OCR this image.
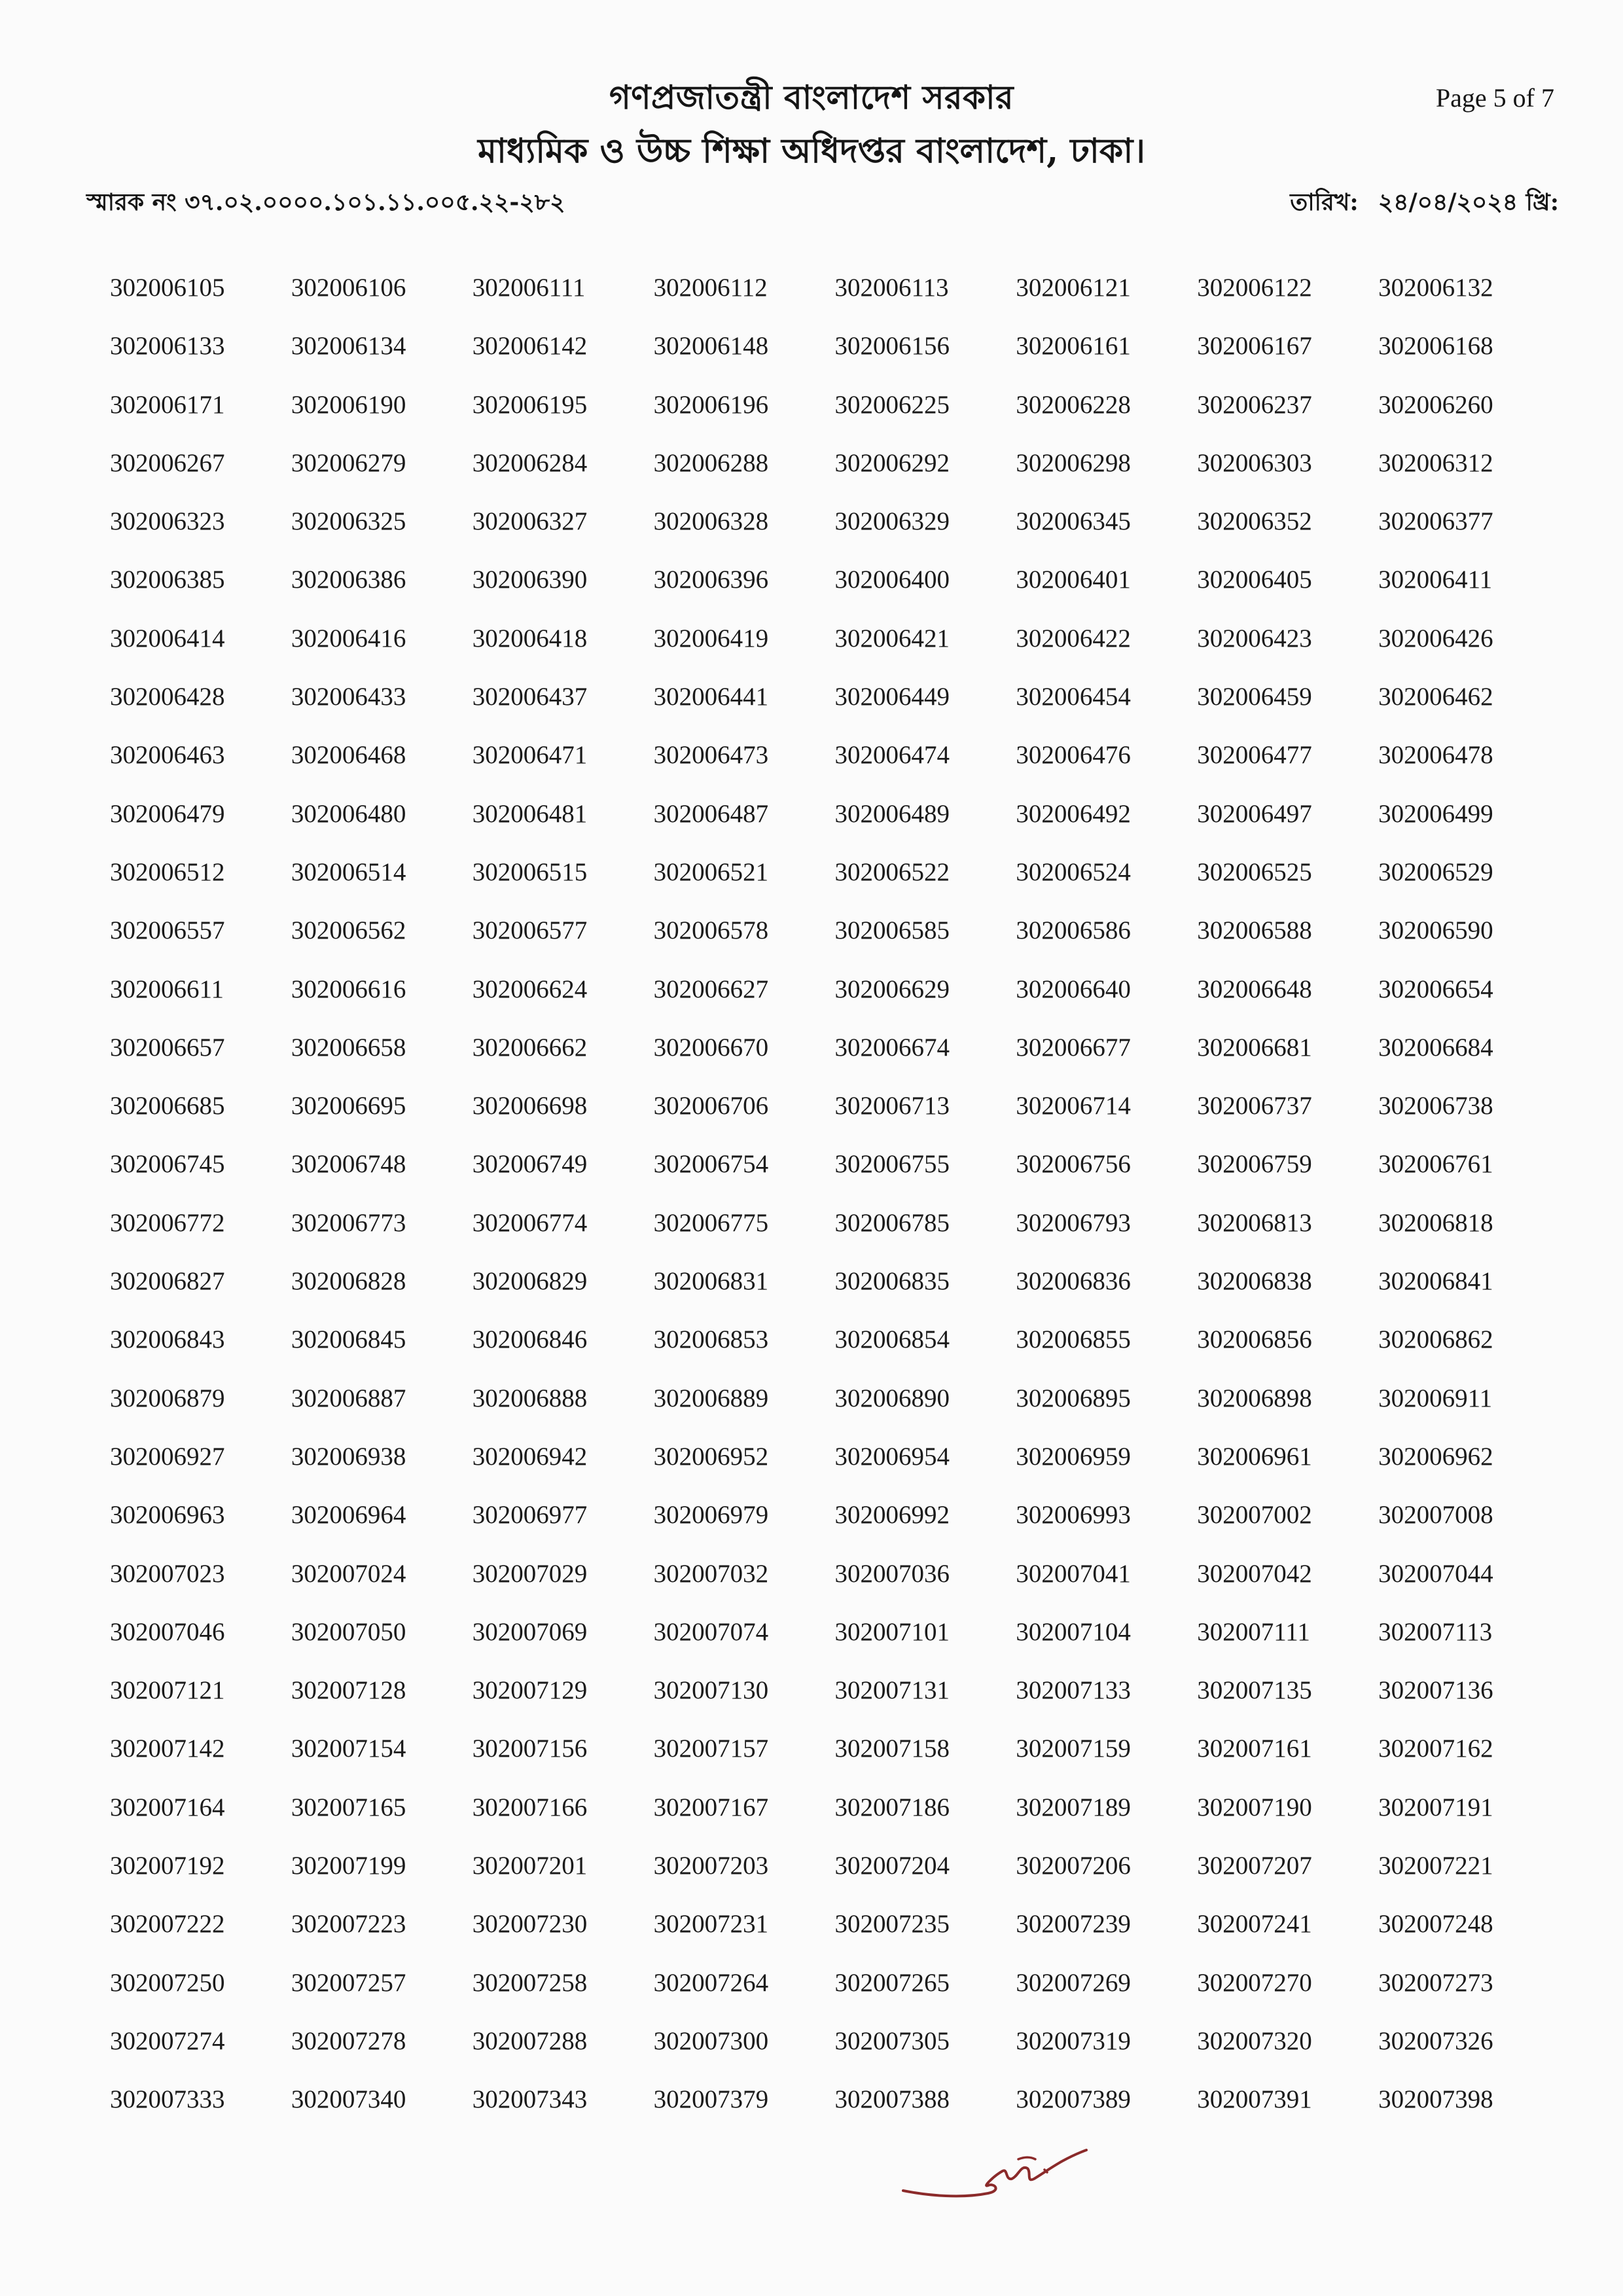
গণপ্রজাতন্ত্রী বাংলাদেশ সরকার
মাধ্যমিক ও উচ্চ শিক্ষা অধিদপ্তর বাংলাদেশ, ঢাকা।
Page 5 of 7
স্মারক নং ৩৭.০২.০০০০.১০১.১১.০০৫.২২-২৮২	তারিখ: ২৪/০৪/২০২৪ খ্রি:
302006105	302006106	302006111	302006112	302006113	302006121	302006122	302006132
302006133	302006134	302006142	302006148	302006156	302006161	302006167	302006168
302006171	302006190	302006195	302006196	302006225	302006228	302006237	302006260
302006267	302006279	302006284	302006288	302006292	302006298	302006303	302006312
302006323	302006325	302006327	302006328	302006329	302006345	302006352	302006377
302006385	302006386	302006390	302006396	302006400	302006401	302006405	302006411
302006414	302006416	302006418	302006419	302006421	302006422	302006423	302006426
302006428	302006433	302006437	302006441	302006449	302006454	302006459	302006462
302006463	302006468	302006471	302006473	302006474	302006476	302006477	302006478
302006479	302006480	302006481	302006487	302006489	302006492	302006497	302006499
302006512	302006514	302006515	302006521	302006522	302006524	302006525	302006529
302006557	302006562	302006577	302006578	302006585	302006586	302006588	302006590
302006611	302006616	302006624	302006627	302006629	302006640	302006648	302006654
302006657	302006658	302006662	302006670	302006674	302006677	302006681	302006684
302006685	302006695	302006698	302006706	302006713	302006714	302006737	302006738
302006745	302006748	302006749	302006754	302006755	302006756	302006759	302006761
302006772	302006773	302006774	302006775	302006785	302006793	302006813	302006818
302006827	302006828	302006829	302006831	302006835	302006836	302006838	302006841
302006843	302006845	302006846	302006853	302006854	302006855	302006856	302006862
302006879	302006887	302006888	302006889	302006890	302006895	302006898	302006911
302006927	302006938	302006942	302006952	302006954	302006959	302006961	302006962
302006963	302006964	302006977	302006979	302006992	302006993	302007002	302007008
302007023	302007024	302007029	302007032	302007036	302007041	302007042	302007044
302007046	302007050	302007069	302007074	302007101	302007104	302007111	302007113
302007121	302007128	302007129	302007130	302007131	302007133	302007135	302007136
302007142	302007154	302007156	302007157	302007158	302007159	302007161	302007162
302007164	302007165	302007166	302007167	302007186	302007189	302007190	302007191
302007192	302007199	302007201	302007203	302007204	302007206	302007207	302007221
302007222	302007223	302007230	302007231	302007235	302007239	302007241	302007248
302007250	302007257	302007258	302007264	302007265	302007269	302007270	302007273
302007274	302007278	302007288	302007300	302007305	302007319	302007320	302007326
302007333	302007340	302007343	302007379	302007388	302007389	302007391	302007398
